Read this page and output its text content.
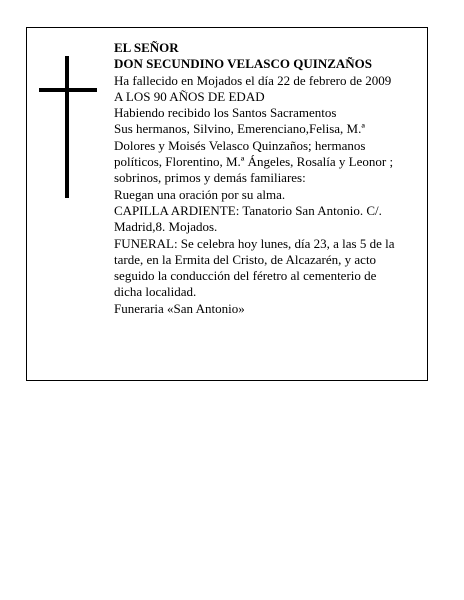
EL SEÑOR
DON SECUNDINO VELASCO QUINZAÑOS
Ha fallecido en Mojados el día 22 de febrero de 2009
A LOS 90 AÑOS DE EDAD
Habiendo recibido los Santos Sacramentos
Sus hermanos, Silvino, Emerenciano,Felisa, M.ª
Dolores y Moisés Velasco Quinzaños; hermanos
políticos, Florentino, M.ª Ángeles, Rosalía y Leonor ;
sobrinos, primos y demás familiares:
Ruegan una oración por su alma.
CAPILLA ARDIENTE: Tanatorio San Antonio. C/.
Madrid,8. Mojados.
FUNERAL: Se celebra hoy lunes, día 23, a las 5 de la
tarde, en la Ermita del Cristo, de Alcazarén, y acto
seguido la conducción del féretro al cementerio de
dicha localidad.
Funeraria «San Antonio»
